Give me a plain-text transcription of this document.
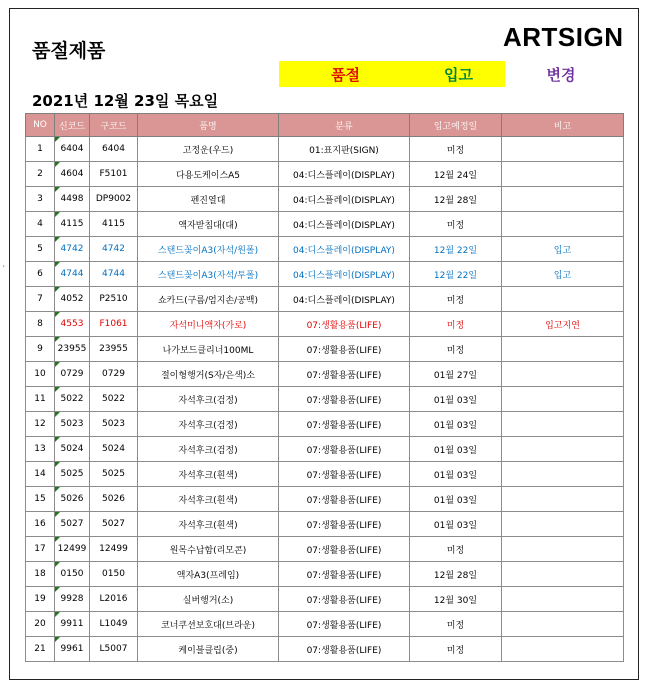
`
품절제품	ARTSIGN
품절	입고	변경
2021년 12월 23일 목요일
NO	신코드	구코드	품명	분류	입고예정일	비고
1	6404	6404	고정운(우드)	01:표지판(SIGN)	미정	
2	4604	F5101	다용도케이스A5	04:디스플레이(DISPLAY)	12월 24일	
3	4498	DP9002	펜진열대	04:디스플레이(DISPLAY)	12월 28일	
4	4115	4115	액자받침대(대)	04:디스플레이(DISPLAY)	미정	
5	4742	4742	스탠드꽂이A3(자석/원폴)	04:디스플레이(DISPLAY)	12월 22일	입고
6	4744	4744	스탠드꽂이A3(자석/투폴)	04:디스플레이(DISPLAY)	12월 22일	입고
7	4052	P2510	쇼카드(구름/엄지손/공백)	04:디스플레이(DISPLAY)	미정	
8	4553	F1061	자석미니액자(가로)	07:생활용품(LIFE)	미정	입고지연
9	23955	23955	나가보드클리너100ML	07:생활용품(LIFE)	미정	
10	0729	0729	절이형행거(S자/은색)소	07:생활용품(LIFE)	01월 27일	
11	5022	5022	자석후크(검정)	07:생활용품(LIFE)	01월 03일	
12	5023	5023	자석후크(검정)	07:생활용품(LIFE)	01월 03일	
13	5024	5024	자석후크(검정)	07:생활용품(LIFE)	01월 03일	
14	5025	5025	자석후크(흰색)	07:생활용품(LIFE)	01월 03일	
15	5026	5026	자석후크(흰색)	07:생활용품(LIFE)	01월 03일	
16	5027	5027	자석후크(흰색)	07:생활용품(LIFE)	01월 03일	
17	12499	12499	원목수납함(리모콘)	07:생활용품(LIFE)	미정	
18	0150	0150	액자A3(프레임)	07:생활용품(LIFE)	12월 28일	
19	9928	L2016	실버행거(소)	07:생활용품(LIFE)	12월 30일	
20	9911	L1049	코너쿠션보호대(브라운)	07:생활용품(LIFE)	미정	
21	9961	L5007	케이블클립(중)	07:생활용품(LIFE)	미정	
